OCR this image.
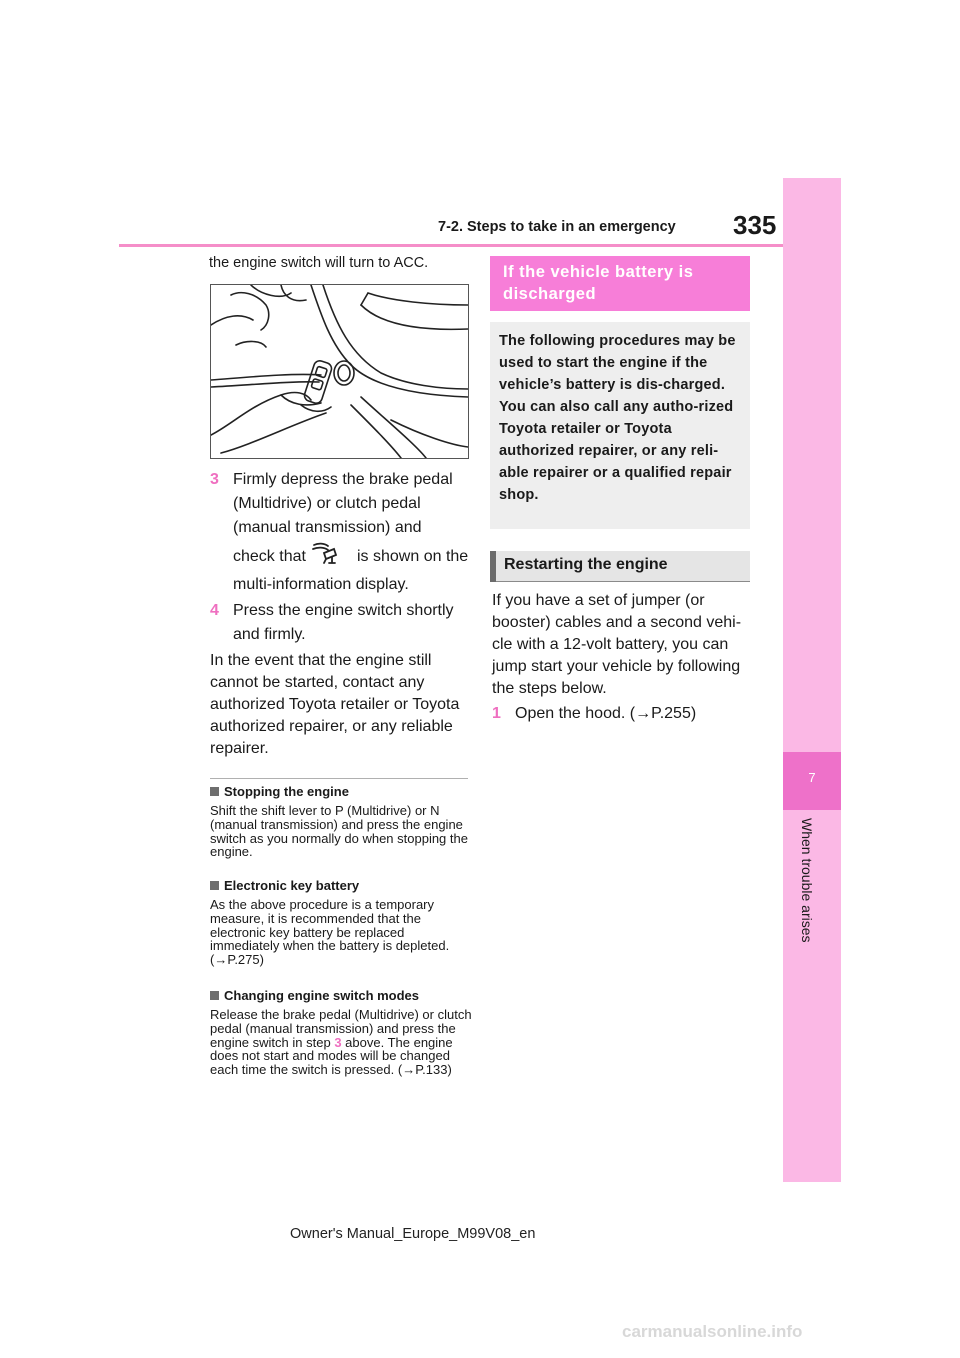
7-2. Steps to take in an emergency 335
7
When trouble arises
the engine switch will turn to ACC.
3 Firmly depress the brake pedal
(Multidrive) or clutch pedal
(manual transmission) and
check that	is shown on the
multi-information display.
4 Press the engine switch shortly
and firmly.
In the event that the engine still cannot be started, contact any authorized Toyota retailer or Toyota authorized repairer, or any reliable repairer.
Stopping the engine
Shift the shift lever to P (Multidrive) or N (manual transmission) and press the engine switch as you normally do when stopping the engine.
Electronic key battery
As the above procedure is a temporary measure, it is recommended that the electronic key battery be replaced immediately when the battery is depleted. (→P.275)
Changing engine switch modes
Release the brake pedal (Multidrive) or clutch pedal (manual transmission) and press the engine switch in step 3 above. The engine does not start and modes will be changed each time the switch is pressed. (→P.133)
If the vehicle battery is discharged
The following procedures may be used to start the engine if the vehicle’s battery is dis-charged. You can also call any autho-rized Toyota retailer or Toyota authorized repairer, or any reli-able repairer or a qualified repair shop.
Restarting the engine
If you have a set of jumper (or booster) cables and a second vehi-cle with a 12-volt battery, you can jump start your vehicle by following the steps below.
1 Open the hood. (→P.255)
Owner's Manual_Europe_M99V08_en
carmanualsonline.info
